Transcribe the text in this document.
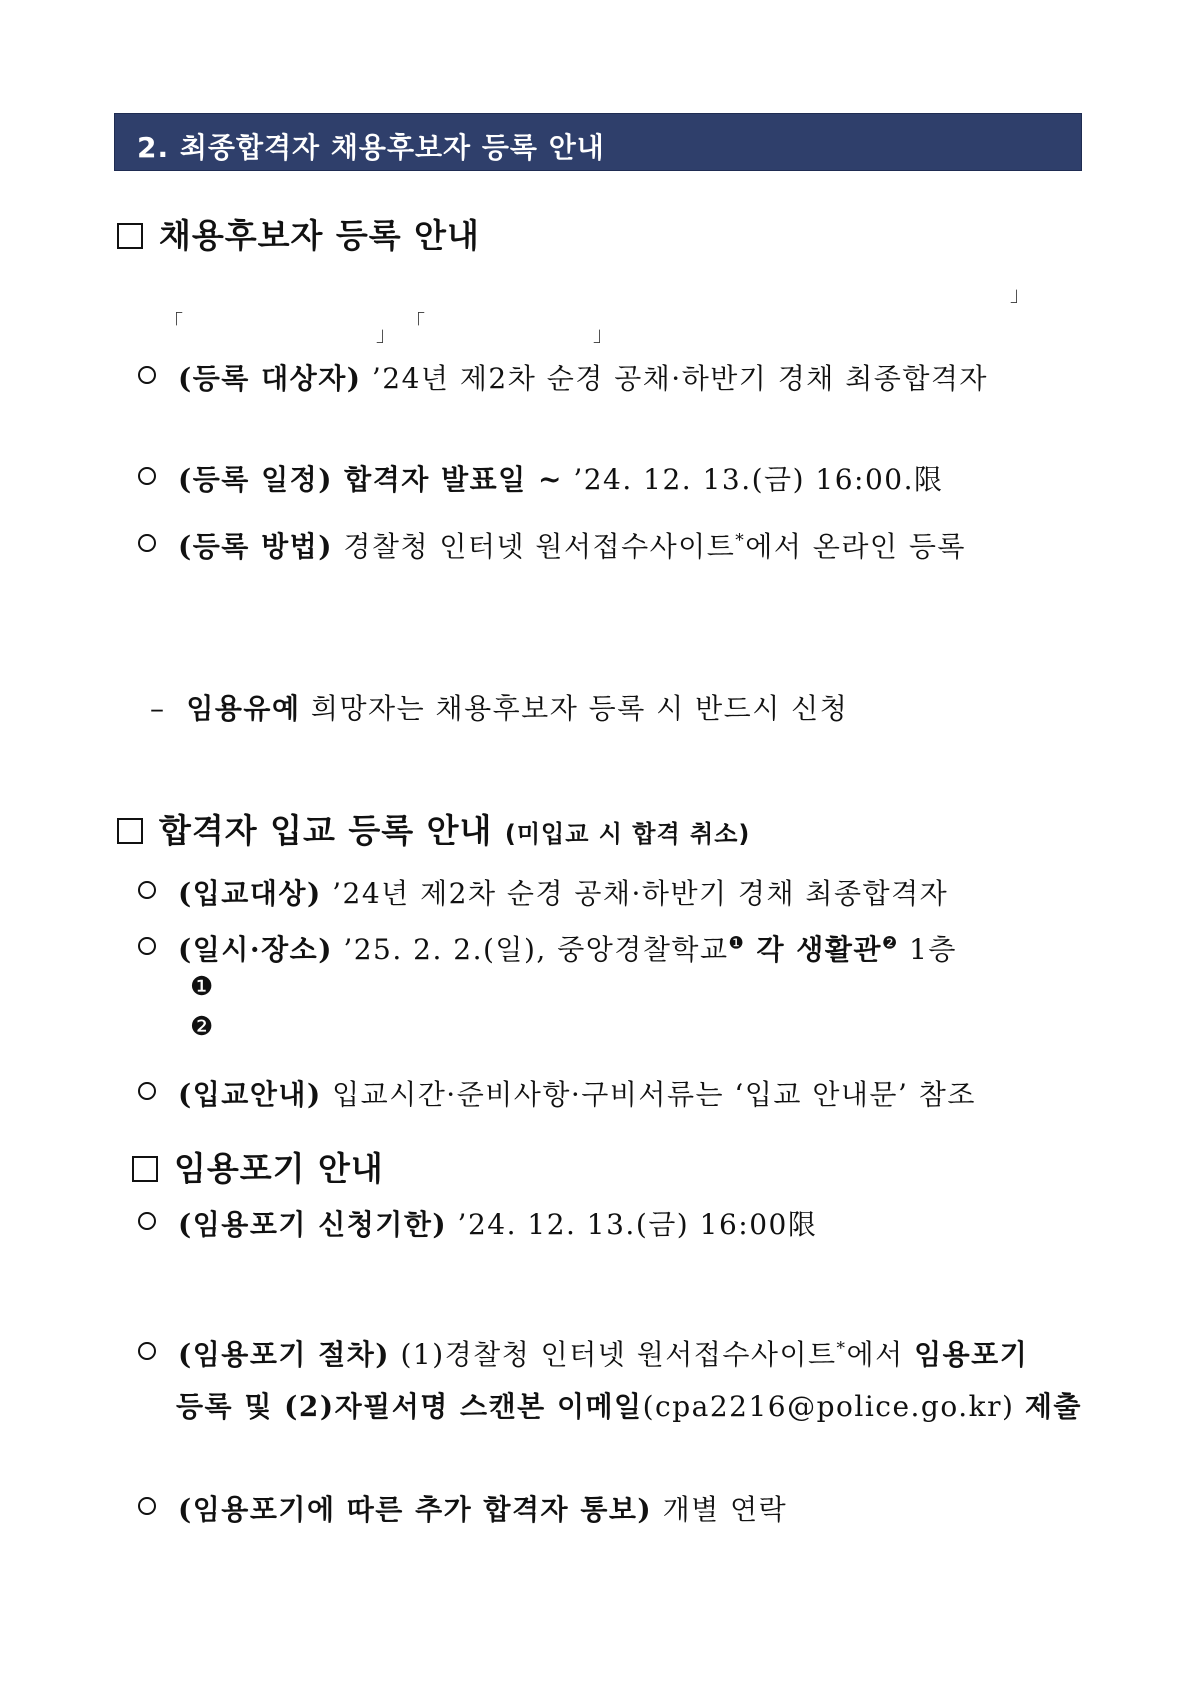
2. 최종합격자 채용후보자 등록 안내
채용후보자 등록 안내
」
「	」 「	」
(등록 대상자) ’24년 제2차 순경 공채·하반기 경채 최종합격자
(등록 일정) 합격자 발표일 ~ ’24. 12. 13.(금) 16:00.限
(등록 방법) 경찰청 인터넷 원서접수사이트*에서 온라인 등록
– 임용유예 희망자는 채용후보자 등록 시 반드시 신청
합격자 입교 등록 안내 (미입교 시 합격 취소)
(입교대상) ’24년 제2차 순경 공채·하반기 경채 최종합격자
(일시·장소) ’25. 2. 2.(일), 중앙경찰학교$^❶$ 각 생활관$^❷$ 1층
❶
❷
(입교안내) 입교시간·준비사항·구비서류는 ‘입교 안내문’ 참조
임용포기 안내
(임용포기 신청기한) ’24. 12. 13.(금) 16:00限
(임용포기 절차) (1)경찰청 인터넷 원서접수사이트*에서 임용포기
등록 및 (2)자필서명 스캔본 이메일(cpa2216@police.go.kr) 제출
(임용포기에 따른 추가 합격자 통보) 개별 연락
